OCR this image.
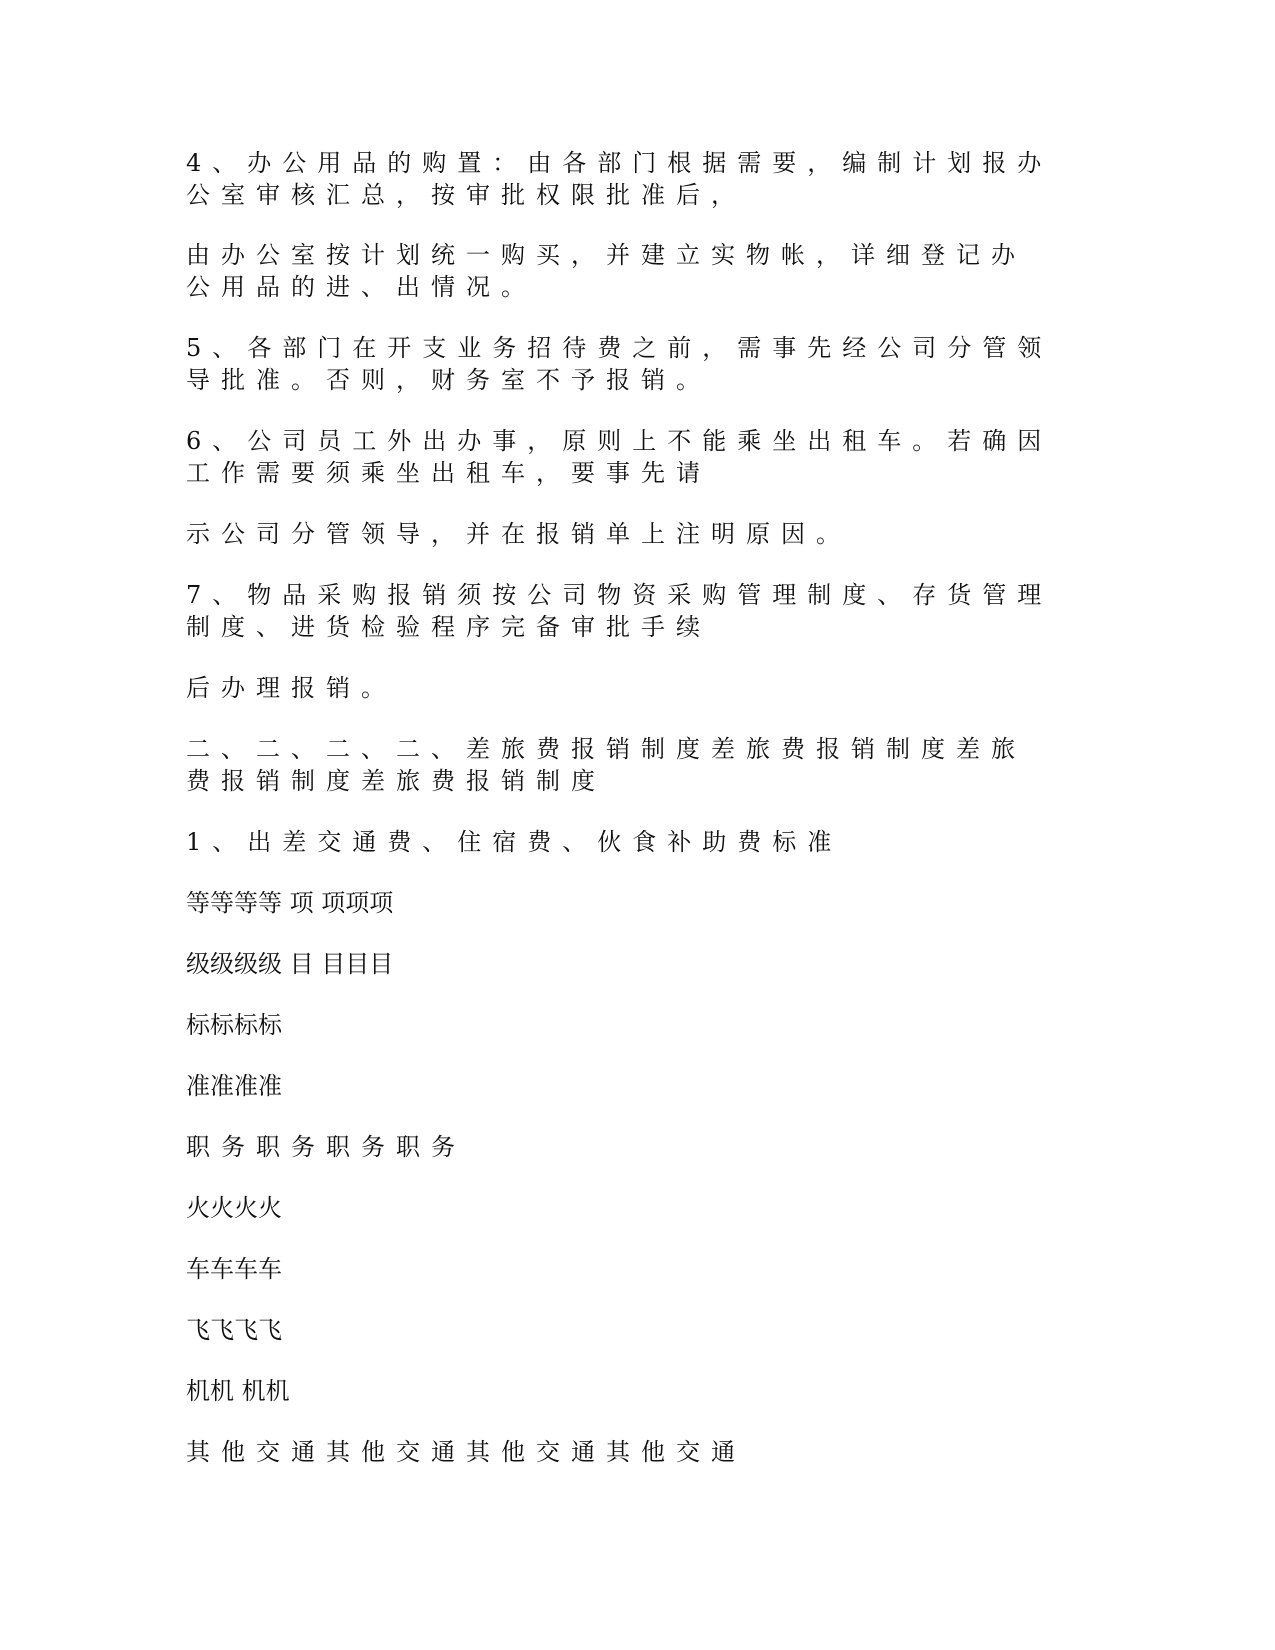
4、办公用品的购置：由各部门根据需要，编制计划报办
公室审核汇总，按审批权限批准后，
由办公室按计划统一购买，并建立实物帐，详细登记办
公用品的进、出情况。
5、各部门在开支业务招待费之前，需事先经公司分管领
导批准。否则，财务室不予报销。
6、公司员工外出办事，原则上不能乘坐出租车。若确因
工作需要须乘坐出租车，要事先请
示公司分管领导，并在报销单上注明原因。
7、物品采购报销须按公司物资采购管理制度、存货管理
制度、进货检验程序完备审批手续
后办理报销。
二、二、二、二、差旅费报销制度差旅费报销制度差旅
费报销制度差旅费报销制度
1、出差交通费、住宿费、伙食补助费标准
等等等等 项 项项项
级级级级 目 目目目
标标标标
准准准准
职务职务职务职务
火火火火
车车车车
飞飞飞飞
机机 机机
其他交通其他交通其他交通其他交通
